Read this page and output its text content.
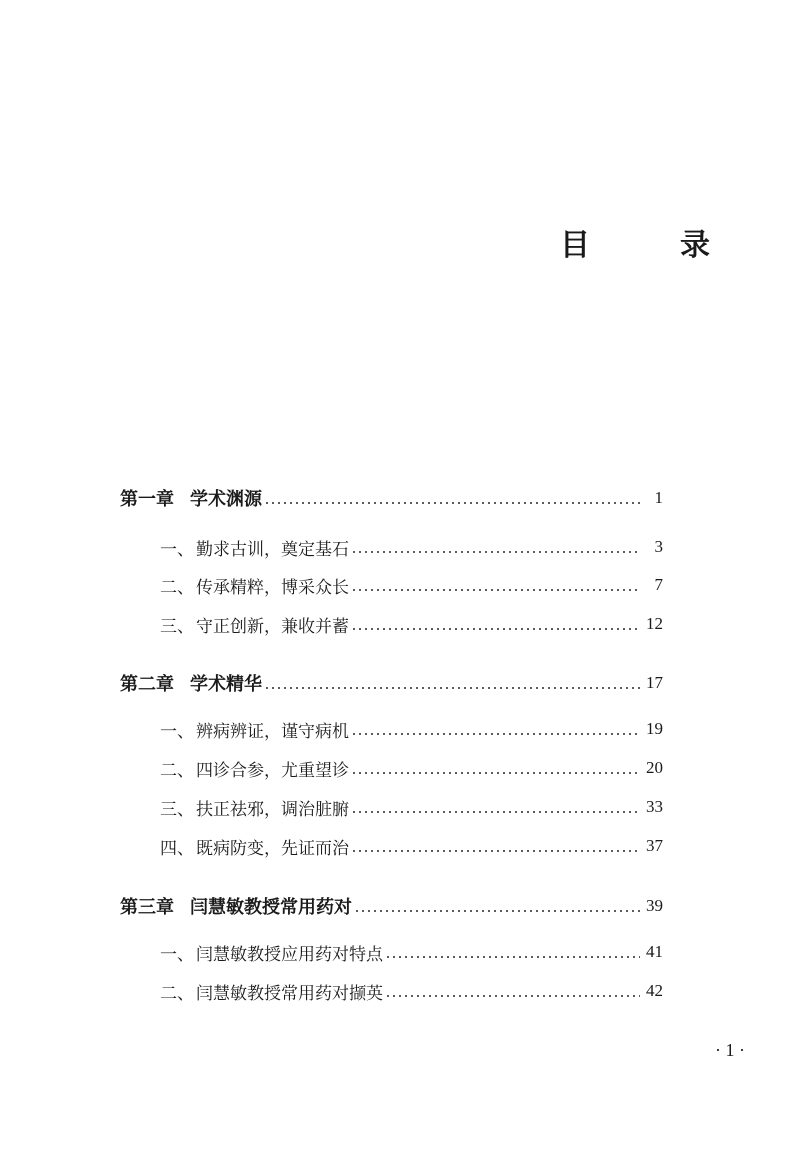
目　录
第一章 学术渊源	1
一、 勤求古训，奠定基石	3
二、 传承精粹，博采众长	7
三、 守正创新，兼收并蓄	12
第二章 学术精华	17
一、 辨病辨证，谨守病机	19
二、 四诊合参，尤重望诊	20
三、 扶正祛邪，调治脏腑	33
四、 既病防变，先证而治	37
第三章 闫慧敏教授常用药对	39
一、 闫慧敏教授应用药对特点	41
二、 闫慧敏教授常用药对撷英	42

· 1 ·
